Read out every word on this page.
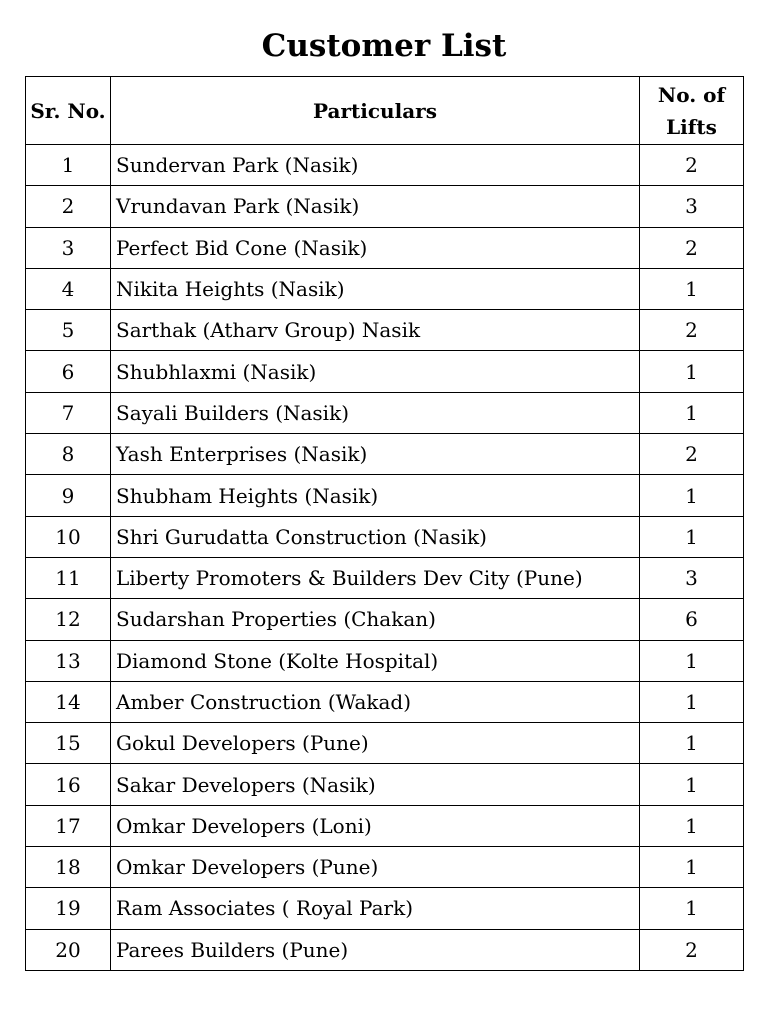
Customer List
Sr. No.	Particulars	No. of
Lifts
1	Sundervan Park (Nasik)	2
2	Vrundavan Park (Nasik)	3
3	Perfect Bid Cone (Nasik)	2
4	Nikita Heights (Nasik)	1
5	Sarthak (Atharv Group) Nasik	2
6	Shubhlaxmi (Nasik)	1
7	Sayali Builders (Nasik)	1
8	Yash Enterprises (Nasik)	2
9	Shubham Heights (Nasik)	1
10	Shri Gurudatta Construction (Nasik)	1
11	Liberty Promoters & Builders Dev City (Pune)	3
12	Sudarshan Properties (Chakan)	6
13	Diamond Stone (Kolte Hospital)	1
14	Amber Construction (Wakad)	1
15	Gokul Developers (Pune)	1
16	Sakar Developers (Nasik)	1
17	Omkar Developers (Loni)	1
18	Omkar Developers (Pune)	1
19	Ram Associates ( Royal Park)	1
20	Parees Builders (Pune)	2
